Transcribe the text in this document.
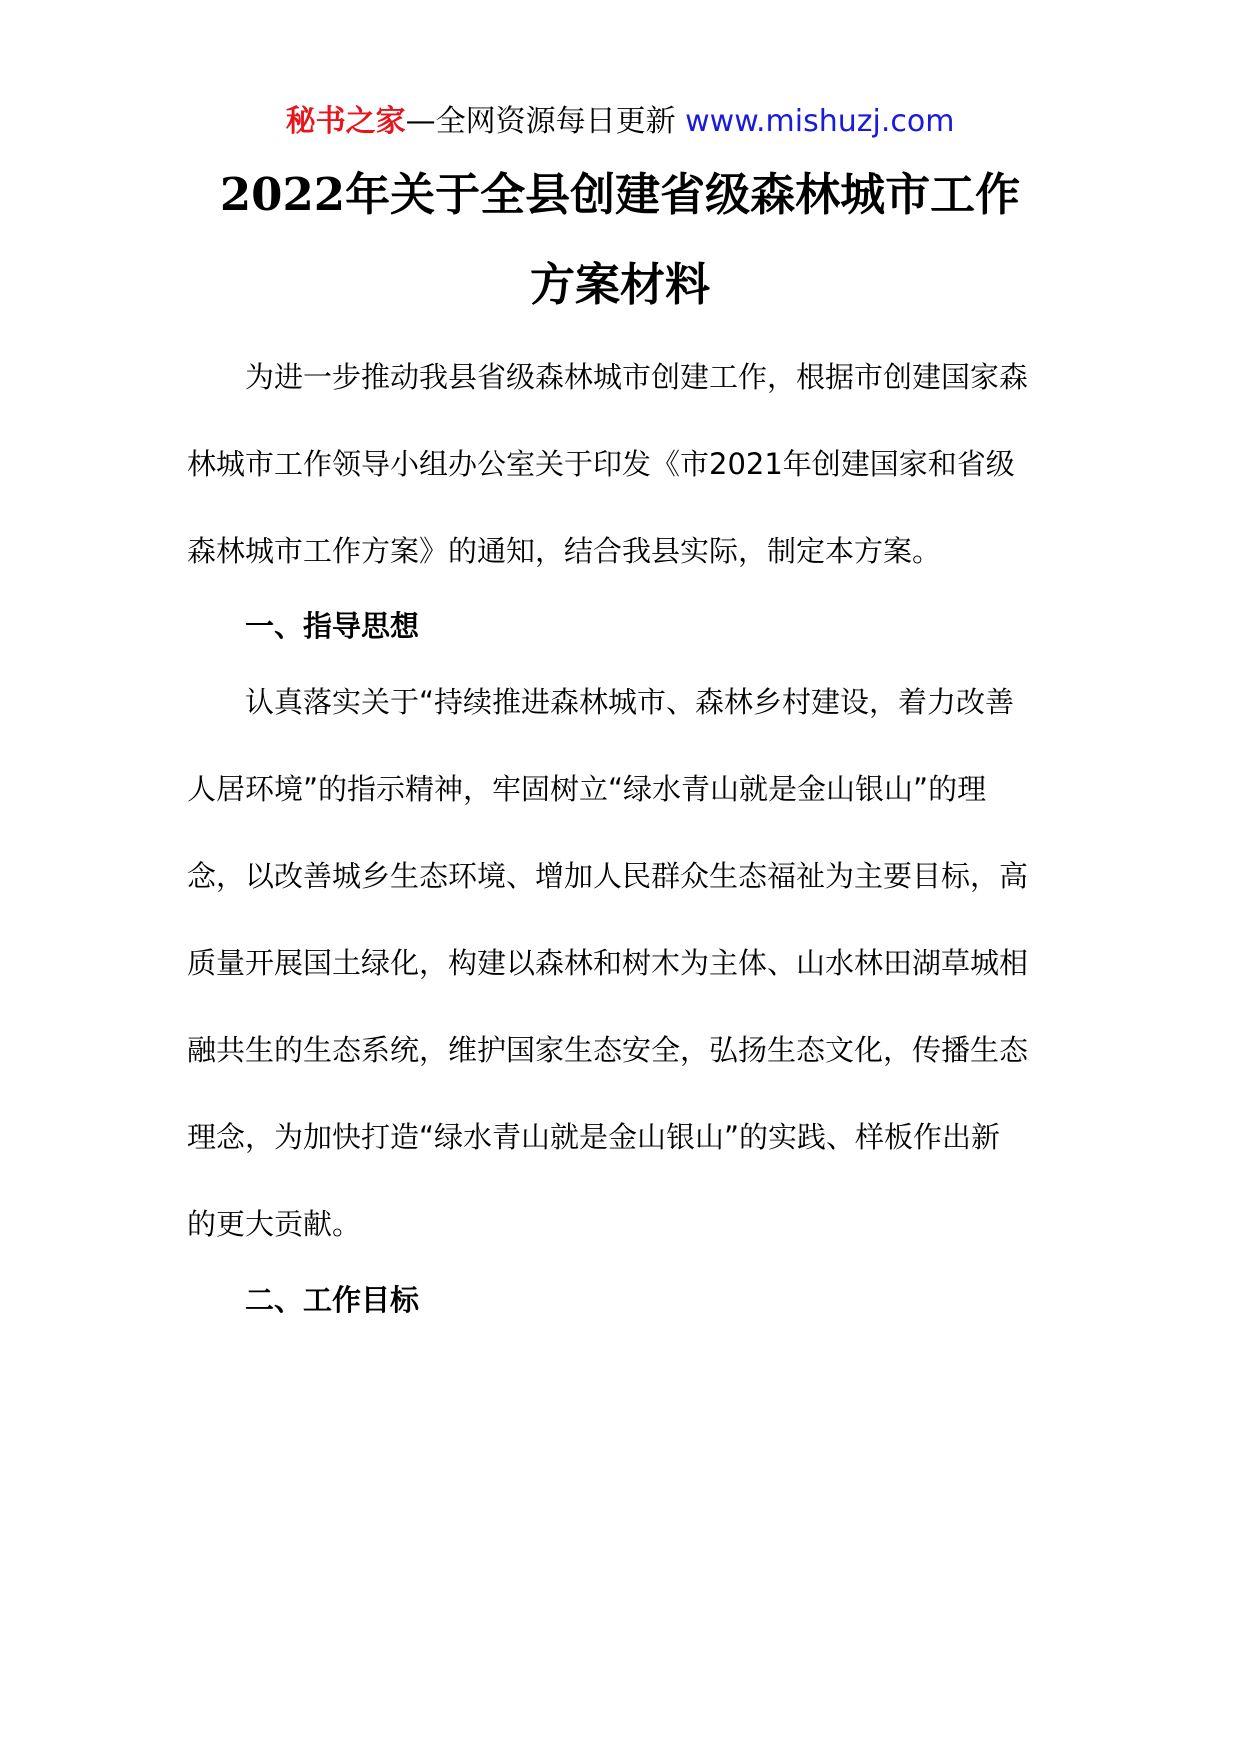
秘书之家—全网资源每日更新 www.mishuzj.com
2022年关于全县创建省级森林城市工作
方案材料
为进一步推动我县省级森林城市创建工作，根据市创建国家森
林城市工作领导小组办公室关于印发《市2021年创建国家和省级
森林城市工作方案》的通知，结合我县实际，制定本方案。
一、指导思想
认真落实关于“持续推进森林城市、森林乡村建设，着力改善
人居环境”的指示精神，牢固树立“绿水青山就是金山银山”的理
念，以改善城乡生态环境、增加人民群众生态福祉为主要目标，高
质量开展国土绿化，构建以森林和树木为主体、山水林田湖草城相
融共生的生态系统，维护国家生态安全，弘扬生态文化，传播生态
理念，为加快打造“绿水青山就是金山银山”的实践、样板作出新
的更大贡献。
二、工作目标
